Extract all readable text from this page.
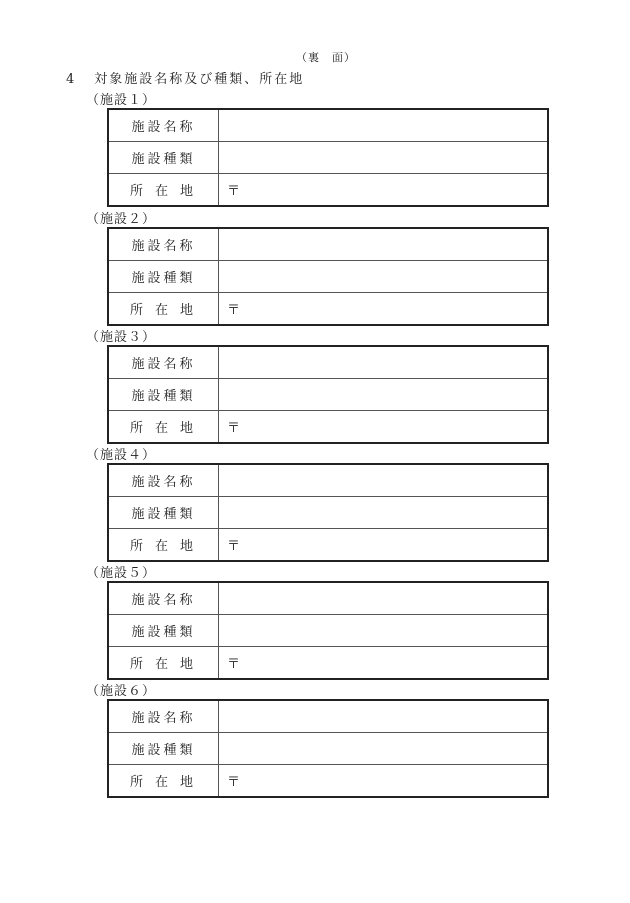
（裏　面）
4 対象施設名称及び種類、所在地
（施設１）
施設名称	
施設種類	
所在地	〒
（施設２）
施設名称	
施設種類	
所在地	〒
（施設３）
施設名称	
施設種類	
所在地	〒
（施設４）
施設名称	
施設種類	
所在地	〒
（施設５）
施設名称	
施設種類	
所在地	〒
（施設６）
施設名称	
施設種類	
所在地	〒
